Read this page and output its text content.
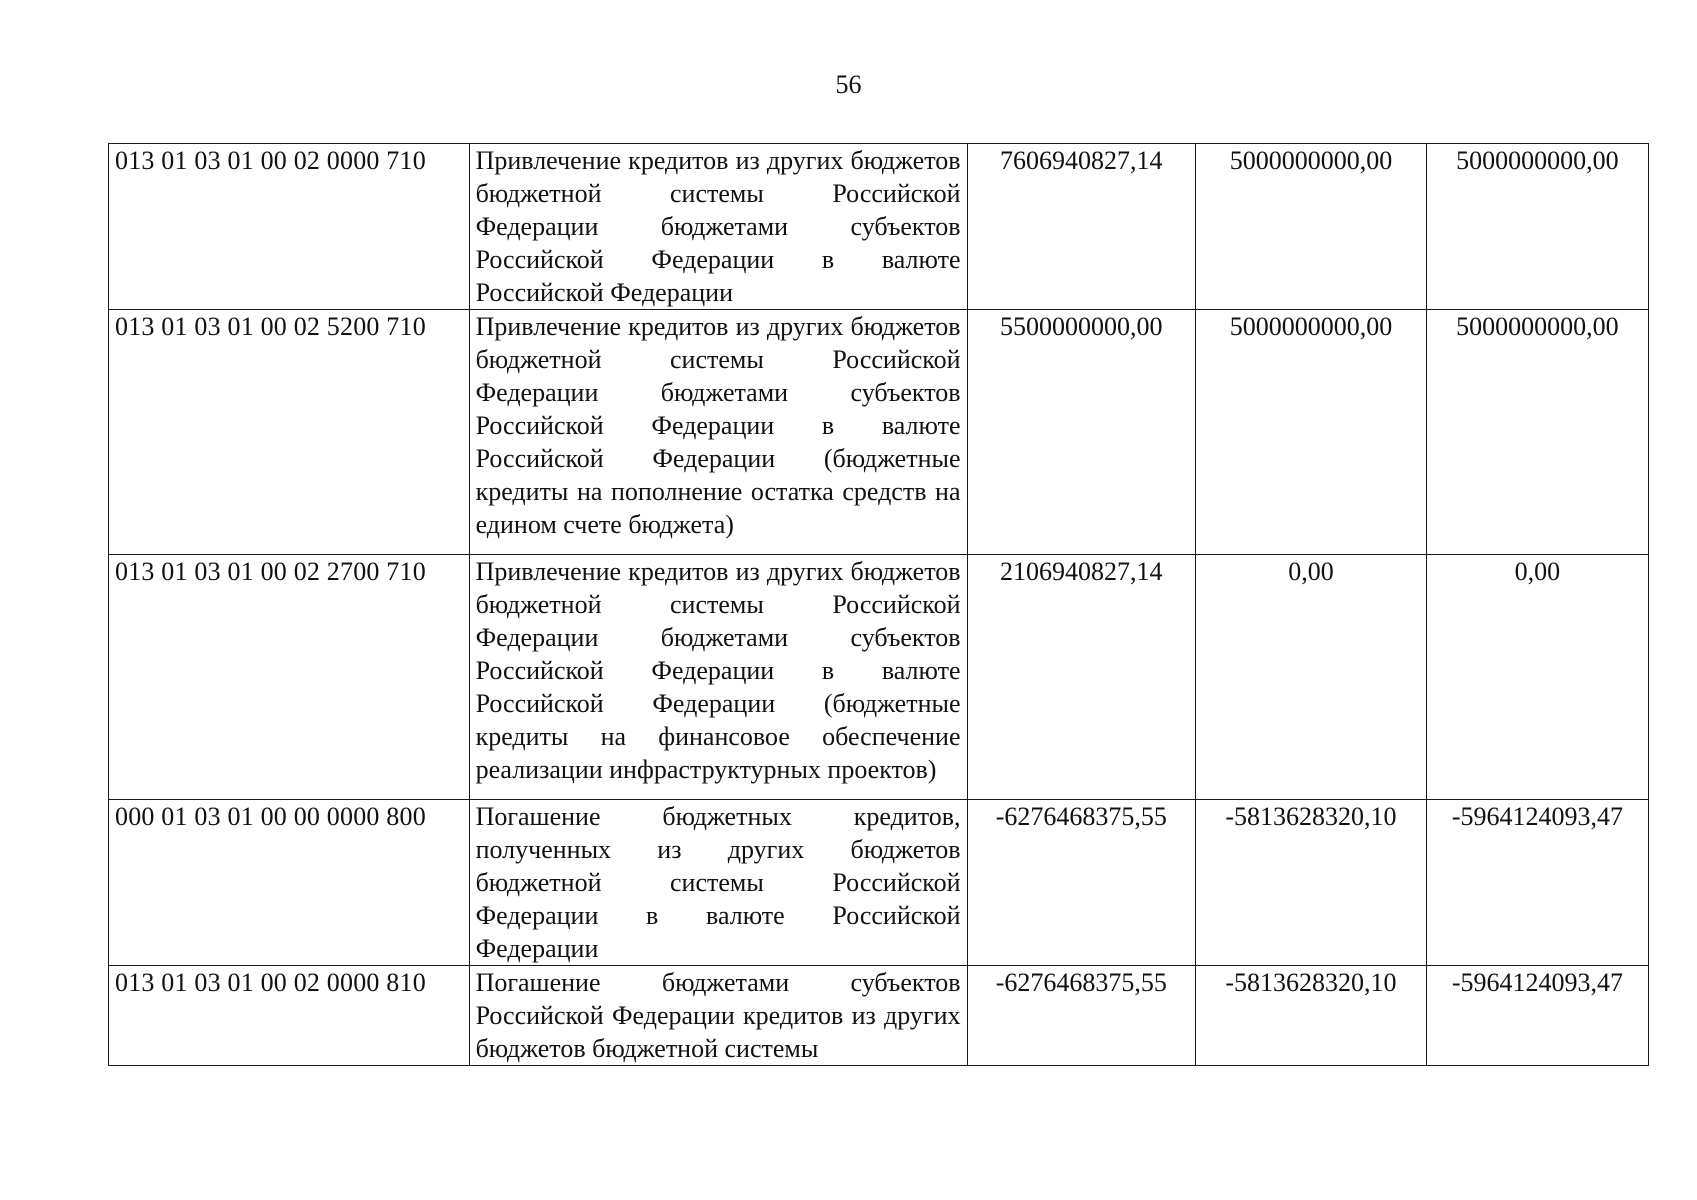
56
013 01 03 01 00 02 0000 710	Привлечение кредитов из других бюджетов бюджетной системы Российской Федерации бюджетами субъектов Российской Федерации в валюте Российской Федерации	7606940827,14	5000000000,00	5000000000,00
013 01 03 01 00 02 5200 710	Привлечение кредитов из других бюджетов бюджетной системы Российской Федерации бюджетами субъектов Российской Федерации в валюте Российской Федерации (бюджетные кредиты на пополнение остатка средств на едином счете бюджета)	5500000000,00	5000000000,00	5000000000,00
013 01 03 01 00 02 2700 710	Привлечение кредитов из других бюджетов бюджетной системы Российской Федерации бюджетами субъектов Российской Федерации в валюте Российской Федерации (бюджетные кредиты на финансовое обеспечение реализации инфраструктурных проектов)	2106940827,14	0,00	0,00
000 01 03 01 00 00 0000 800	Погашение бюджетных кредитов, полученных из других бюджетов бюджетной системы Российской Федерации в валюте Российской Федерации	-6276468375,55	-5813628320,10	-5964124093,47
013 01 03 01 00 02 0000 810	Погашение бюджетами субъектов Российской Федерации кредитов из других бюджетов бюджетной системы	-6276468375,55	-5813628320,10	-5964124093,47
